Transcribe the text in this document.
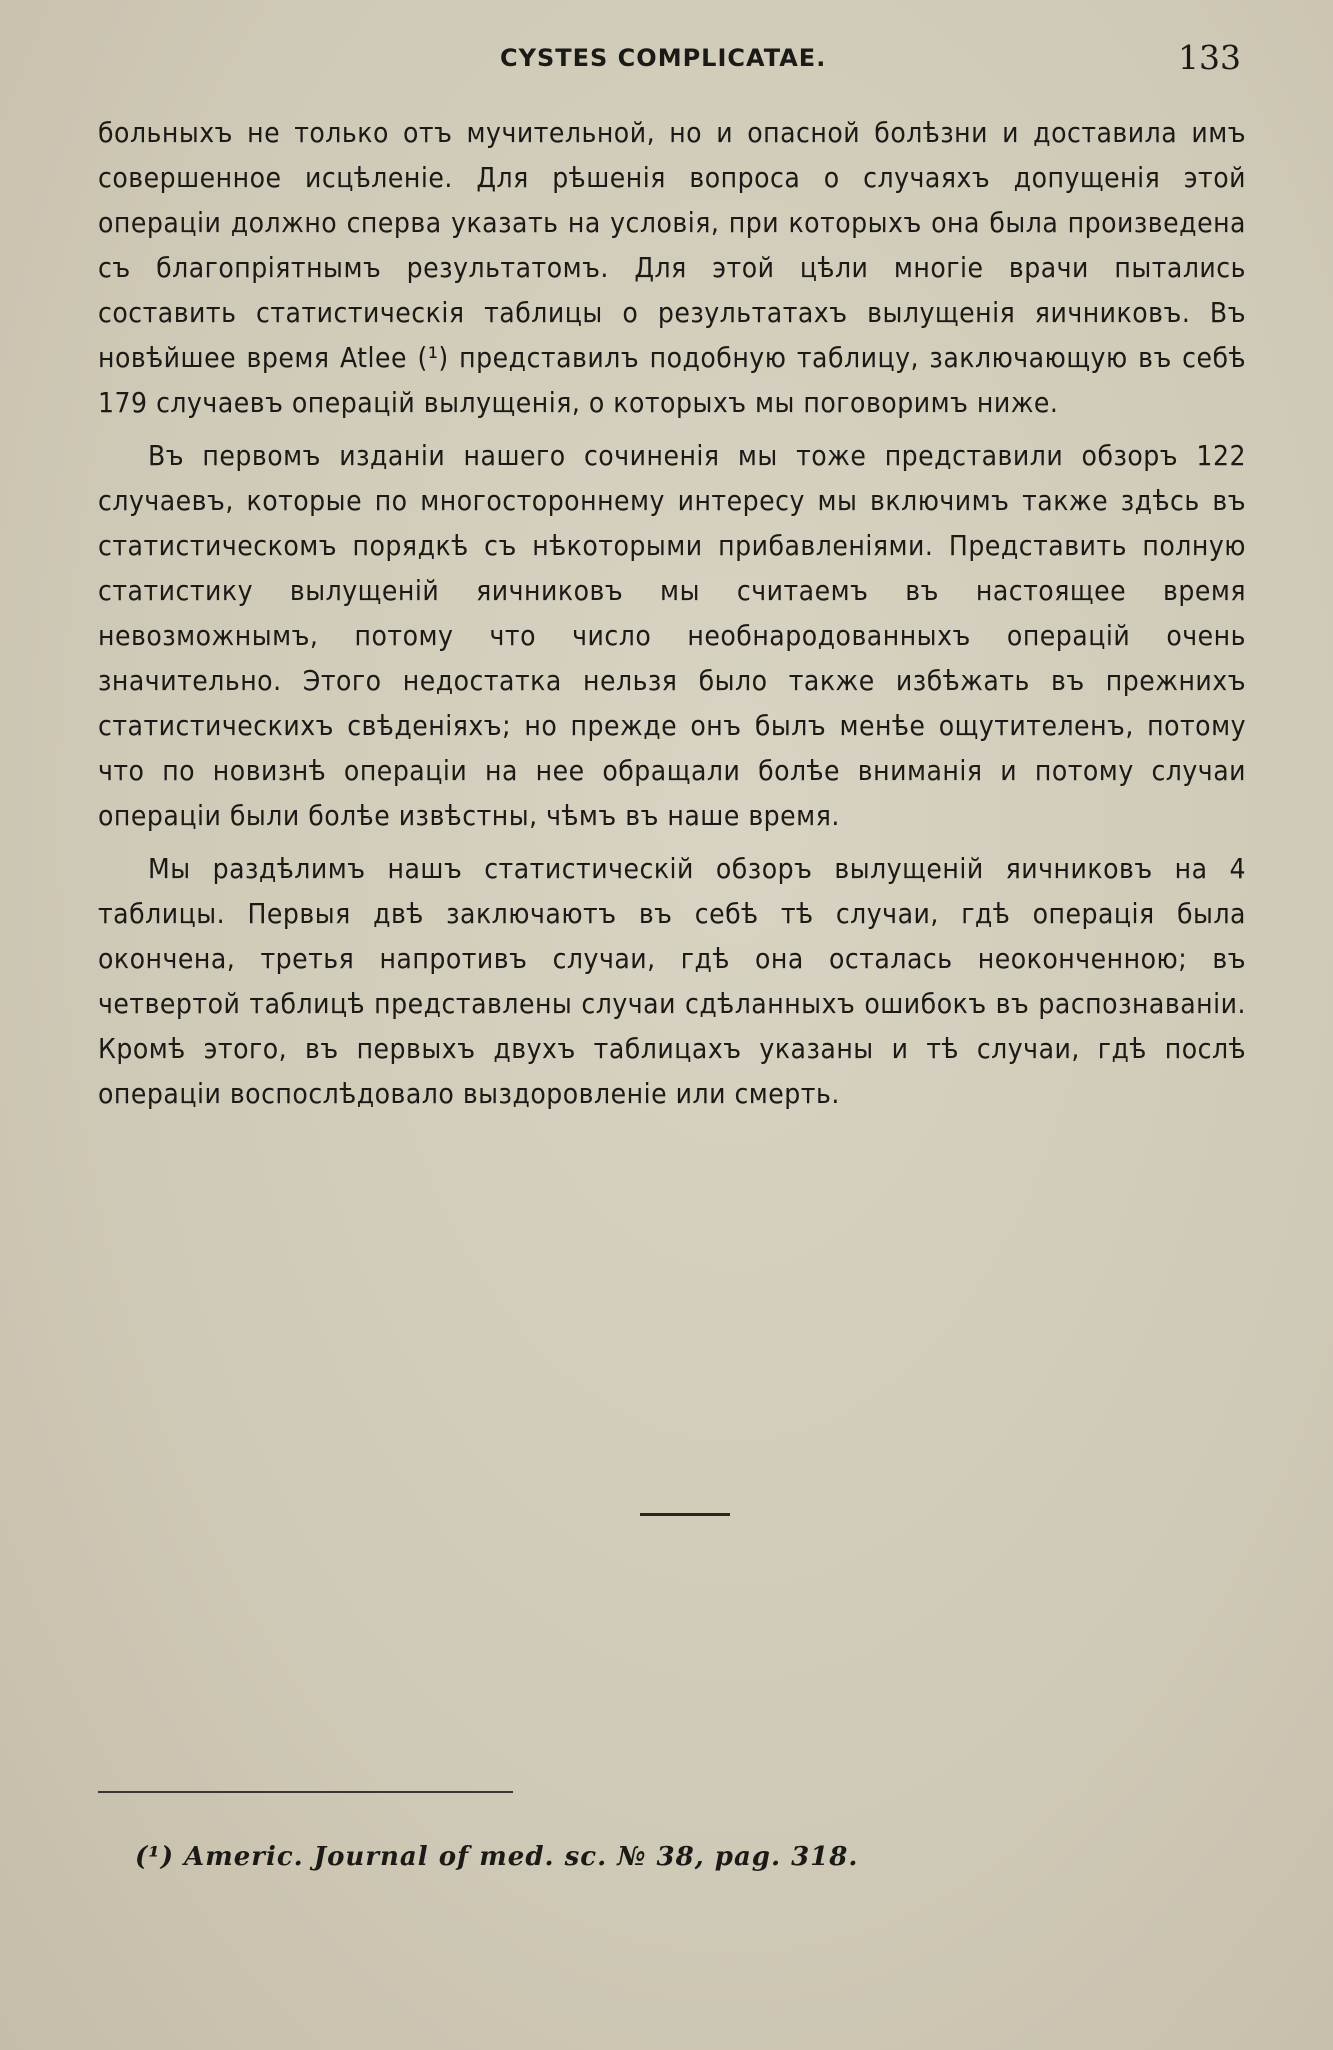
CYSTES COMPLICATAE.	133

больныхъ не только отъ мучительной, но и опасной болѣзни и доставила имъ совершенное исцѣленіе. Для рѣшенія вопроса о случаяхъ допущенія этой операціи должно сперва указать на условія, при которыхъ она была произведена съ благопріятнымъ результатомъ. Для этой цѣли многіе врачи пытались составить статистическія таблицы о результатахъ вылущенія яичниковъ. Въ новѣйшее время Atlee (¹) представилъ подобную таблицу, заключающую въ себѣ 179 случаевъ операцій вылущенія, о которыхъ мы поговоримъ ниже.

Въ первомъ изданіи нашего сочиненія мы тоже представили обзоръ 122 случаевъ, которые по многостороннему интересу мы включимъ также здѣсь въ статистическомъ порядкѣ съ нѣкоторыми прибавленіями. Представить полную статистику вылущеній яичниковъ мы считаемъ въ настоящее время невозможнымъ, потому что число необнародованныхъ операцій очень значительно. Этого недостатка нельзя было также избѣжать въ прежнихъ статистическихъ свѣденіяхъ; но прежде онъ былъ менѣе ощутителенъ, потому что по новизнѣ операціи на нее обращали болѣе вниманія и потому случаи операціи были болѣе извѣстны, чѣмъ въ наше время.

Мы раздѣлимъ нашъ статистическій обзоръ вылущеній яичниковъ на 4 таблицы. Первыя двѣ заключаютъ въ себѣ тѣ случаи, гдѣ операція была окончена, третья напротивъ случаи, гдѣ она осталась неоконченною; въ четвертой таблицѣ представлены случаи сдѣланныхъ ошибокъ въ распознаваніи. Кромѣ этого, въ первыхъ двухъ таблицахъ указаны и тѣ случаи, гдѣ послѣ операціи воспослѣдовало выздоровленіе или смерть.

(¹) Americ. Journal of med. sc. № 38, pag. 318.
